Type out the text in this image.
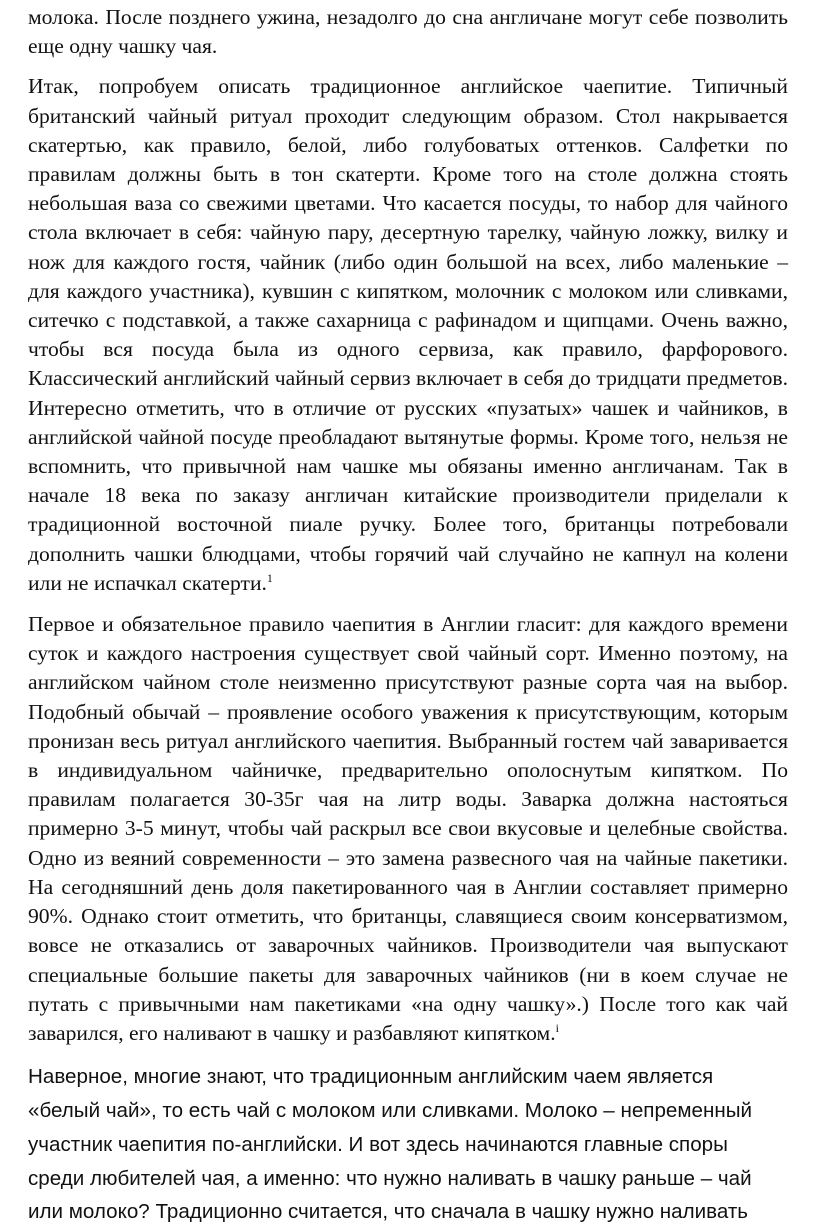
молока. После позднего ужина, незадолго до сна англичане могут себе позволить еще одну чашку чая.

Итак, попробуем описать традиционное английское чаепитие. Типичный британский чайный ритуал проходит следующим образом. Стол накрывается скатертью, как правило, белой, либо голубоватых оттенков. Салфетки по правилам должны быть в тон скатерти. Кроме того на столе должна стоять небольшая ваза со свежими цветами. Что касается посуды, то набор для чайного стола включает в себя: чайную пару, десертную тарелку, чайную ложку, вилку и нож для каждого гостя, чайник (либо один большой на всех, либо маленькие – для каждого участника), кувшин с кипятком, молочник с молоком или сливками, ситечко с подставкой, а также сахарница с рафинадом и щипцами. Очень важно, чтобы вся посуда была из одного сервиза, как правило, фарфорового. Классический английский чайный сервиз включает в себя до тридцати предметов. Интересно отметить, что в отличие от русских «пузатых» чашек и чайников, в английской чайной посуде преобладают вытянутые формы. Кроме того, нельзя не вспомнить, что привычной нам чашке мы обязаны именно англичанам. Так в начале 18 века по заказу англичан китайские производители приделали к традиционной восточной пиале ручку. Более того, британцы потребовали дополнить чашки блюдцами, чтобы горячий чай случайно не капнул на колени или не испачкал скатерти.$^1$

Первое и обязательное правило чаепития в Англии гласит: для каждого времени суток и каждого настроения существует свой чайный сорт. Именно поэтому, на английском чайном столе неизменно присутствуют разные сорта чая на выбор. Подобный обычай – проявление особого уважения к присутствующим, которым пронизан весь ритуал английского чаепития. Выбранный гостем чай заваривается в индивидуальном чайничке, предварительно ополоснутым кипятком. По правилам полагается 30-35г чая на литр воды. Заварка должна настояться примерно 3-5 минут, чтобы чай раскрыл все свои вкусовые и целебные свойства. Одно из веяний современности – это замена развесного чая на чайные пакетики. На сегодняшний день доля пакетированного чая в Англии составляет примерно 90%. Однако стоит отметить, что британцы, славящиеся своим консерватизмом, вовсе не отказались от заварочных чайников. Производители чая выпускают специальные большие пакеты для заварочных чайников (ни в коем случае не путать с привычными нам пакетиками «на одну чашку».) После того как чай заварился, его наливают в чашку и разбавляют кипятком.$^i$

Наверное, многие знают, что традиционным английским чаем является «белый чай», то есть чай с молоком или сливками. Молоко – непременный участник чаепития по-английски. И вот здесь начинаются главные споры среди любителей чая, а именно: что нужно наливать в чашку раньше – чай или молоко? Традиционно считается, что сначала в чашку нужно наливать
